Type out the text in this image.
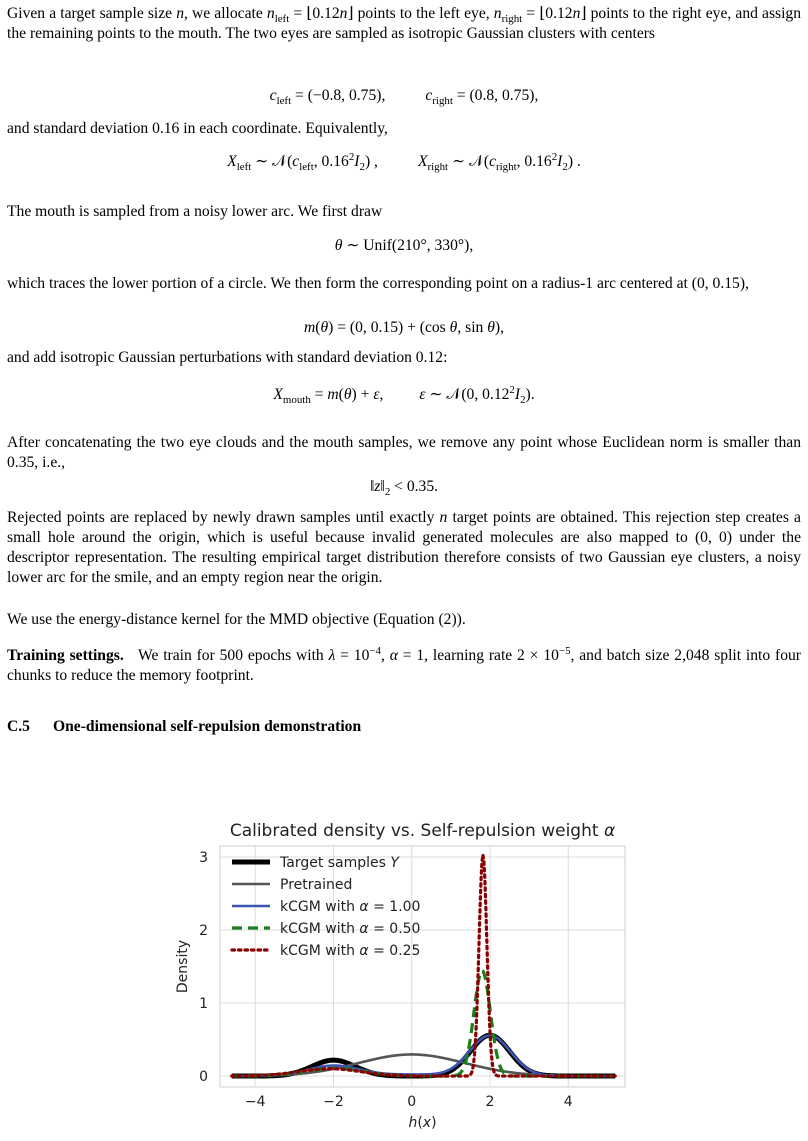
Given a target sample size n, we allocate $n_{left}$ = ⌊0.12n⌋ points to the left eye, $n_{right}$ = ⌊0.12n⌋ points to the right eye, and assign the remaining points to the mouth. The two eyes are sampled as isotropic Gaussian clusters with centers

$c_{left} = (-0.8$, 0.75),	$c_{right} = (0.8$, 0.75),

and standard deviation 0.16 in each coordinate. Equivalently,

$X_{left}$ ∼ $𝒩(c_{left}$, $0.16^2I_2$) ,	$X_{right}$ ∼ $𝒩(c_{right}$, $0.16^2I_2$) .

The mouth is sampled from a noisy lower arc. We first draw

θ ∼ Unif(210°, 330°),

which traces the lower portion of a circle. We then form the corresponding point on a radius-1 arc centered at (0, 0.15),

m(θ) = (0, 0.15) + (cos θ, sin θ),

and add isotropic Gaussian perturbations with standard deviation 0.12:

$X_{mouth} = m(\theta) + \varepsilon$, ε ∼ 𝒩(0, $0.12^2I_2$).

After concatenating the two eye clouds and the mouth samples, we remove any point whose Euclidean norm is smaller than 0.35, i.e.,

$‖z‖_2 < 0.35$.

Rejected points are replaced by newly drawn samples until exactly n target points are obtained. This rejection step creates a small hole around the origin, which is useful because invalid generated molecules are also mapped to (0, 0) under the descriptor representation. The resulting empirical target distribution therefore consists of two Gaussian eye clusters, a noisy lower arc for the smile, and an empty region near the origin.

We use the energy-distance kernel for the MMD objective (Equation (2)).

Training settings.   We train for 500 epochs with $\lambda = 10^{-4}$, α = 1, learning rate $2 \times 10^{-5}$, and batch size 2,048 split into four chunks to reduce the memory footprint.

C.5 One-dimensional self-repulsion demonstration
−4	−2	0	2	4
0
1
2
3
Calibrated density vs. Self-repulsion weight α
h(x)
Density
Target samples Y
Pretrained
kCGM with α = 1.00
kCGM with α = 0.50
kCGM with α = 0.25
